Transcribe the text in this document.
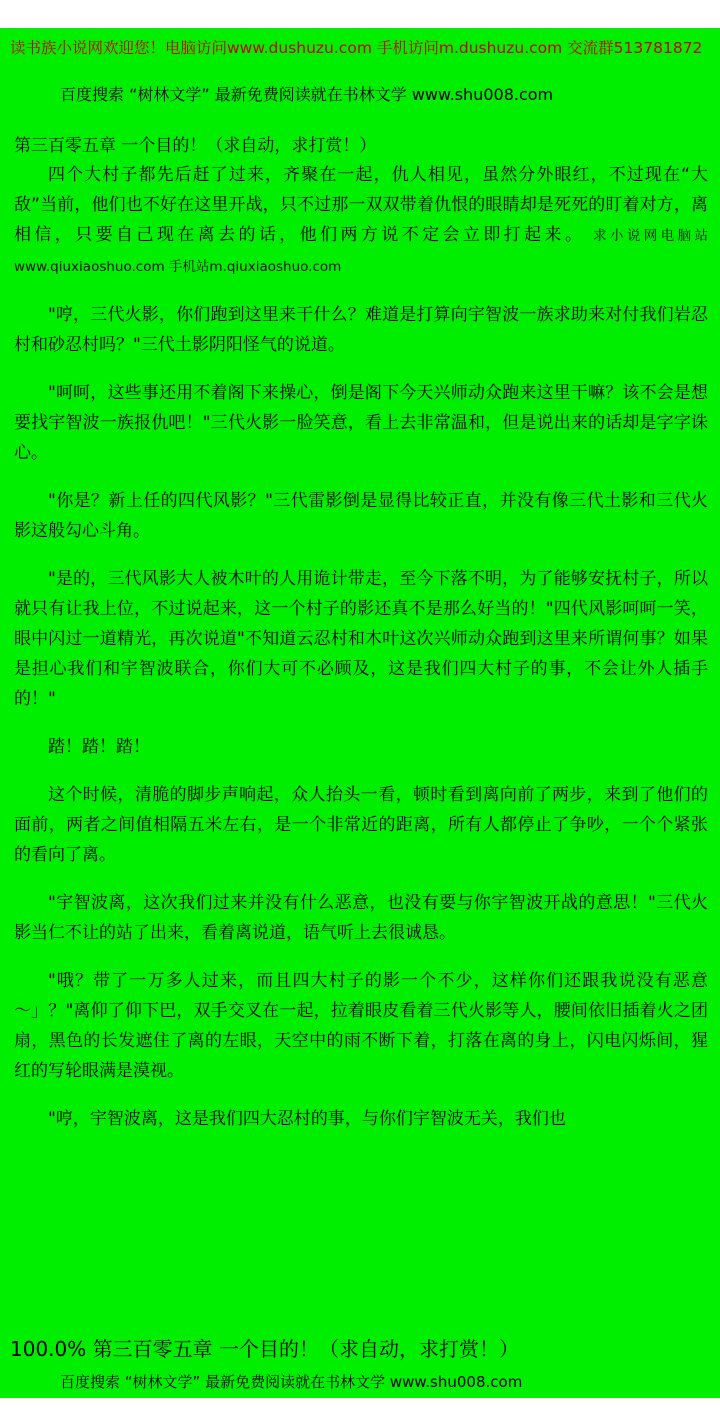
读书族小说网欢迎您！电脑访问www.dushuzu.com 手机访问m.dushuzu.com 交流群513781872
百度搜索 “树林文学” 最新免费阅读就在书林文学 www.shu008.com
第三百零五章 一个目的！（求自动，求打赏！）

四个大村子都先后赶了过来，齐聚在一起，仇人相见，虽然分外眼红，不过现在“大敌”当前，他们也不好在这里开战，只不过那一双双带着仇恨的眼睛却是死死的盯着对方，离相信，只要自己现在离去的话，他们两方说不定会立即打起来。 求小说网电脑站www.qiuxiaoshuo.com 手机站m.qiuxiaoshuo.com

"哼，三代火影，你们跑到这里来干什么？难道是打算向宇智波一族求助来对付我们岩忍村和砂忍村吗？"三代土影阴阳怪气的说道。

"呵呵，这些事还用不着阁下来操心，倒是阁下今天兴师动众跑来这里干嘛？该不会是想要找宇智波一族报仇吧！"三代火影一脸笑意，看上去非常温和，但是说出来的话却是字字诛心。

"你是？新上任的四代风影？"三代雷影倒是显得比较正直，并没有像三代土影和三代火影这般勾心斗角。

"是的，三代风影大人被木叶的人用诡计带走，至今下落不明，为了能够安抚村子，所以就只有让我上位，不过说起来，这一个村子的影还真不是那么好当的！"四代风影呵呵一笑，眼中闪过一道精光，再次说道"不知道云忍村和木叶这次兴师动众跑到这里来所谓何事？如果是担心我们和宇智波联合，你们大可不必顾及，这是我们四大村子的事，不会让外人插手的！"

踏！踏！踏！

这个时候，清脆的脚步声响起，众人抬头一看，顿时看到离向前了两步，来到了他们的面前，两者之间值相隔五米左右，是一个非常近的距离，所有人都停止了争吵，一个个紧张的看向了离。

"宇智波离，这次我们过来并没有什么恶意，也没有要与你宇智波开战的意思！"三代火影当仁不让的站了出来，看着离说道，语气听上去很诚恳。

"哦？带了一万多人过来，而且四大村子的影一个不少，这样你们还跟我说没有恶意～」？"离仰了仰下巴，双手交叉在一起，拉着眼皮看着三代火影等人，腰间依旧插着火之团扇，黑色的长发遮住了离的左眼，天空中的雨不断下着，打落在离的身上，闪电闪烁间，猩红的写轮眼满是漠视。

"哼，宇智波离，这是我们四大忍村的事，与你们宇智波无关，我们也

100.0% 第三百零五章 一个目的！（求自动，求打赏！）
百度搜索 “树林文学” 最新免费阅读就在书林文学 www.shu008.com
